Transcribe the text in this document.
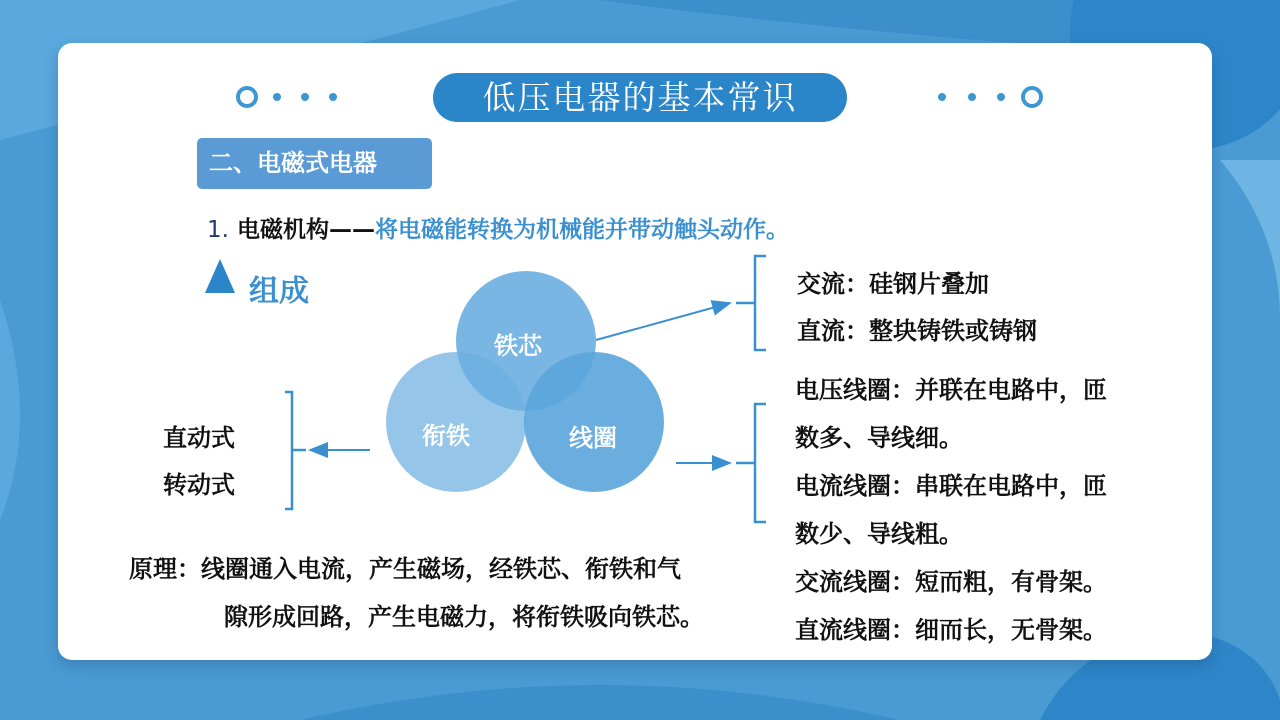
低压电器的基本常识
二、电磁式电器
1. 电磁机构——将电磁能转换为机械能并带动触头动作。
组成
铁芯
衔铁	线圈
交流：硅钢片叠加
直流：整块铸铁或铸钢
电压线圈：并联在电路中，匝
数多、导线细。
电流线圈：串联在电路中，匝
数少、导线粗。
交流线圈：短而粗，有骨架。
直流线圈：细而长，无骨架。
直动式
转动式
原理：线圈通入电流，产生磁场，经铁芯、衔铁和气
隙形成回路，产生电磁力，将衔铁吸向铁芯。
